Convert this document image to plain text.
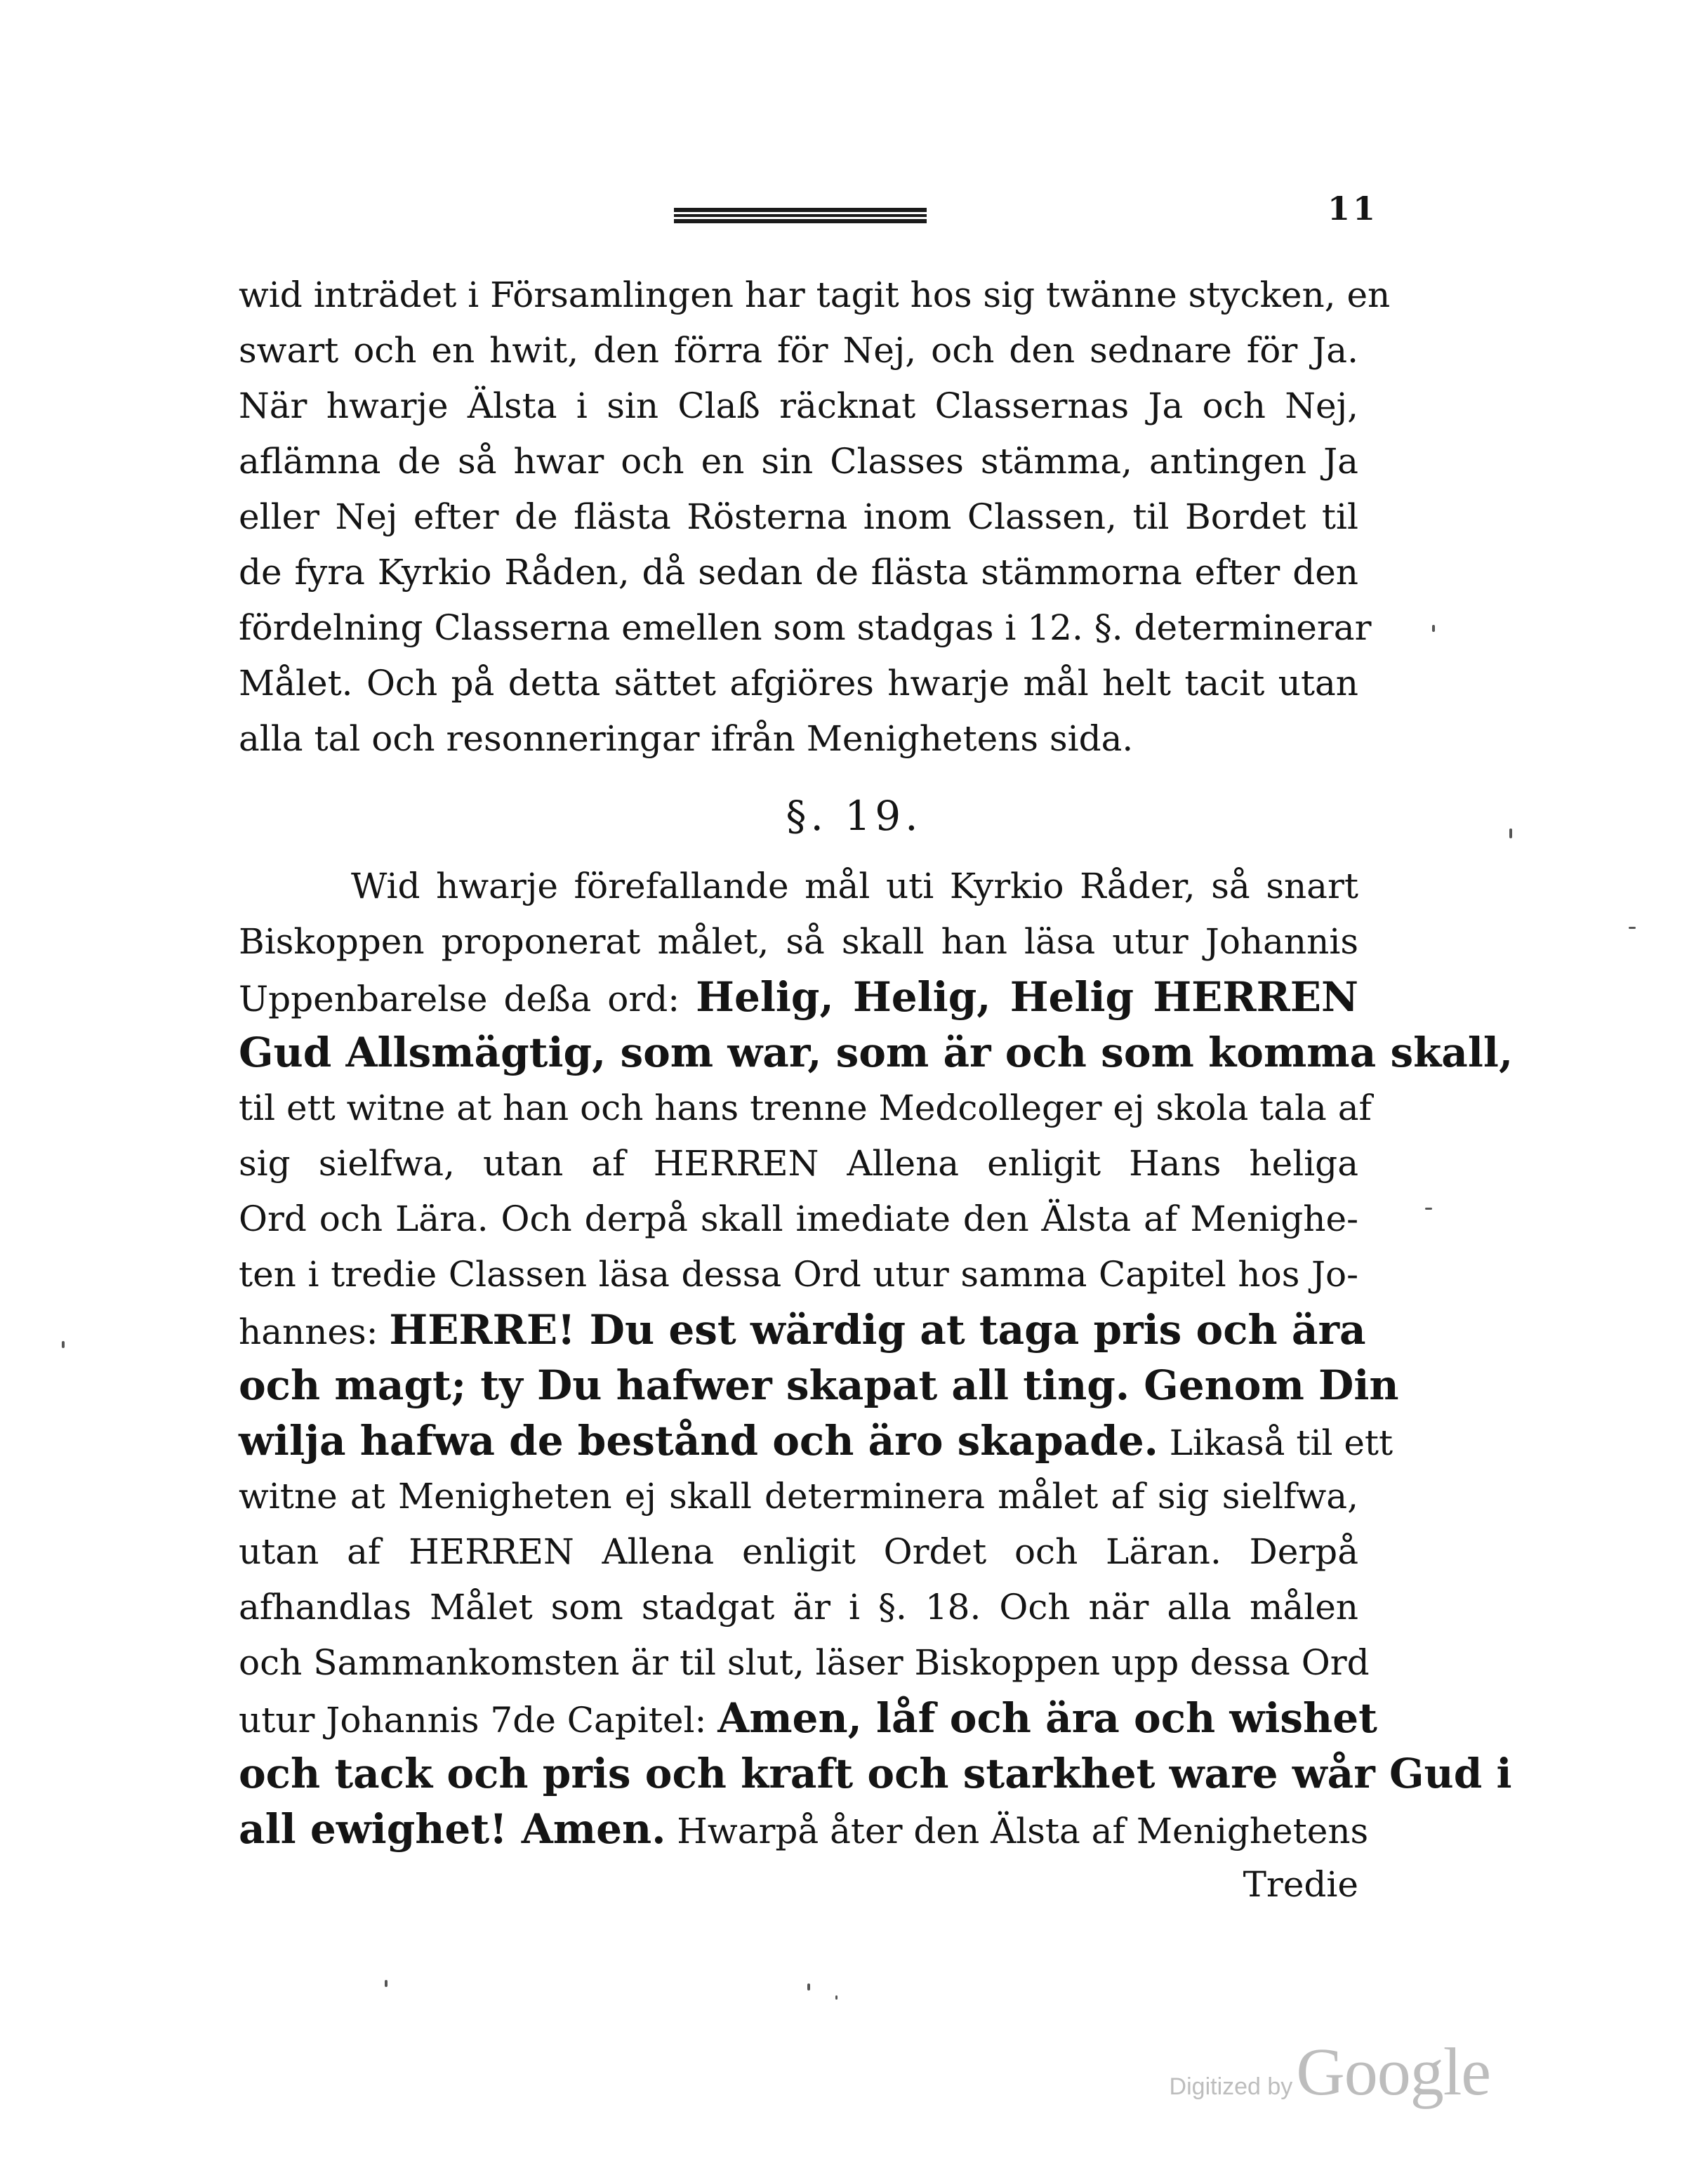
11
wid inträdet i Församlingen har tagit hos sig twänne stycken, en
swart och en hwit, den förra för Nej, och den sednare för Ja.
När hwarje Älsta i sin Claß räcknat Classernas Ja och Nej,
aflämna de så hwar och en sin Classes stämma, antingen Ja
eller Nej efter de flästa Rösterna inom Classen, til Bordet til
de fyra Kyrkio Råden, då sedan de flästa stämmorna efter den
fördelning Classerna emellen som stadgas i 12. §. determinerar
Målet. Och på detta sättet afgiöres hwarje mål helt tacit utan
alla tal och resonneringar ifrån Menighetens sida.
§. 19.
Wid hwarje förefallande mål uti Kyrkio Råder, så snart
Biskoppen proponerat målet, så skall han läsa utur Johannis
Uppenbarelse deßa ord: Helig, Helig, Helig HERREN
Gud Allsmägtig, som war, som är och som komma skall,
til ett witne at han och hans trenne Medcolleger ej skola tala af
sig sielfwa, utan af HERREN Allena enligit Hans heliga
Ord och Lära. Och derpå skall imediate den Älsta af Menighe-
ten i tredie Classen läsa dessa Ord utur samma Capitel hos Jo-
hannes: HERRE! Du est wärdig at taga pris och ära
och magt; ty Du hafwer skapat all ting. Genom Din
wilja hafwa de bestånd och äro skapade. Likaså til ett
witne at Menigheten ej skall determinera målet af sig sielfwa,
utan af HERREN Allena enligit Ordet och Läran. Derpå
afhandlas Målet som stadgat är i §. 18. Och när alla målen
och Sammankomsten är til slut, läser Biskoppen upp dessa Ord
utur Johannis 7de Capitel: Amen, låf och ära och wishet
och tack och pris och kraft och starkhet ware wår Gud i
all ewighet! Amen. Hwarpå åter den Älsta af Menighetens
Tredie
Digitized by Google
